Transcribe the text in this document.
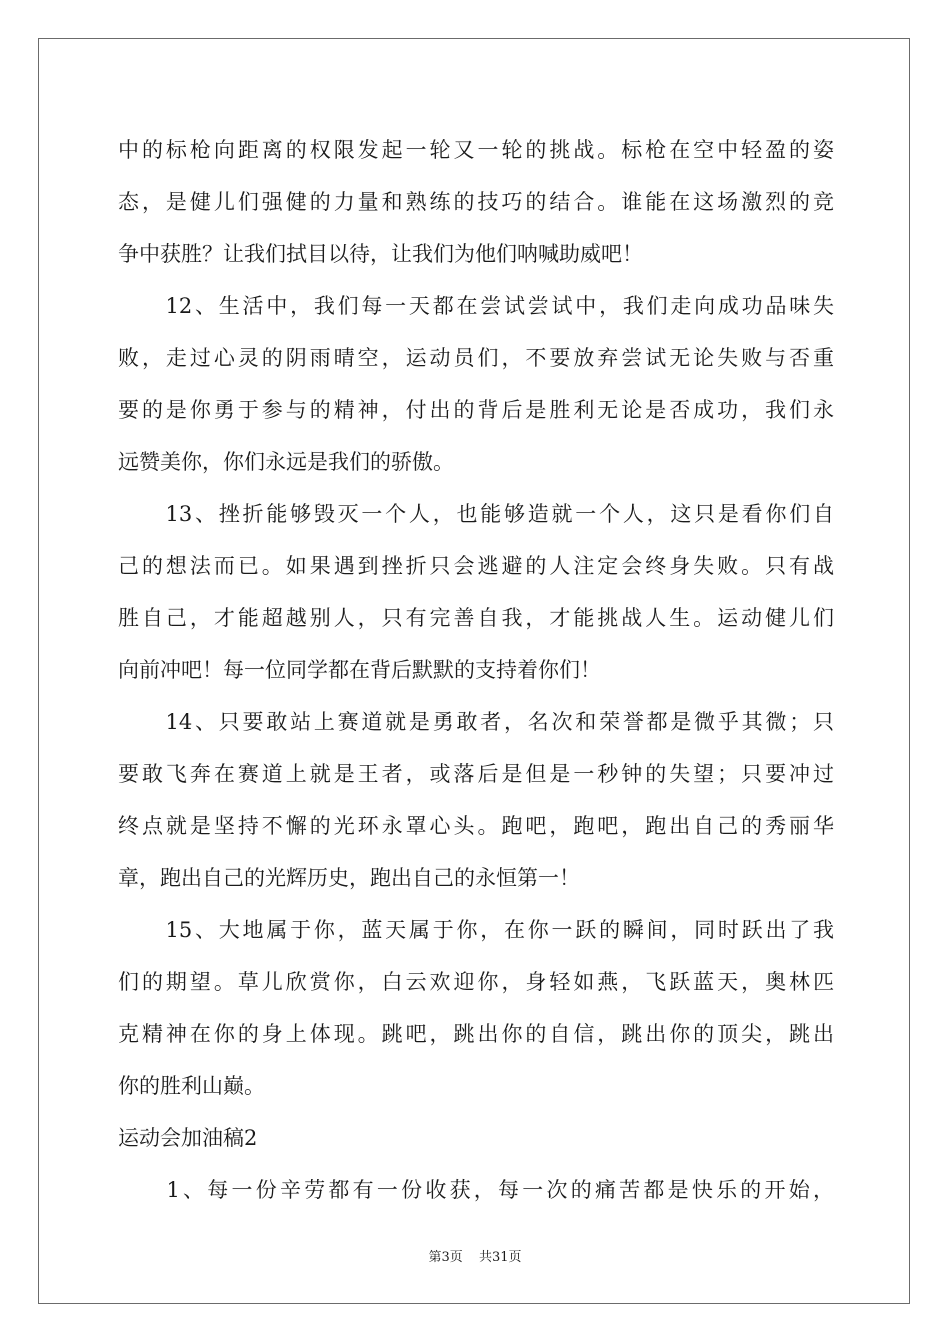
中的标枪向距离的权限发起一轮又一轮的挑战。标枪在空中轻盈的姿
态，是健儿们强健的力量和熟练的技巧的结合。谁能在这场激烈的竞
争中获胜？让我们拭目以待，让我们为他们呐喊助威吧！
　　12、生活中，我们每一天都在尝试尝试中，我们走向成功品味失
败，走过心灵的阴雨晴空，运动员们，不要放弃尝试无论失败与否重
要的是你勇于参与的精神，付出的背后是胜利无论是否成功，我们永
远赞美你，你们永远是我们的骄傲。
　　13、挫折能够毁灭一个人，也能够造就一个人，这只是看你们自
己的想法而已。如果遇到挫折只会逃避的人注定会终身失败。只有战
胜自己，才能超越别人，只有完善自我，才能挑战人生。运动健儿们
向前冲吧！每一位同学都在背后默默的支持着你们！
　　14、只要敢站上赛道就是勇敢者，名次和荣誉都是微乎其微；只
要敢飞奔在赛道上就是王者，或落后是但是一秒钟的失望；只要冲过
终点就是坚持不懈的光环永罩心头。跑吧，跑吧，跑出自己的秀丽华
章，跑出自己的光辉历史，跑出自己的永恒第一！
　　15、大地属于你，蓝天属于你，在你一跃的瞬间，同时跃出了我
们的期望。草儿欣赏你，白云欢迎你，身轻如燕，飞跃蓝天，奥林匹
克精神在你的身上体现。跳吧，跳出你的自信，跳出你的顶尖，跳出
你的胜利山巅。
运动会加油稿2
　　1、每一份辛劳都有一份收获，每一次的痛苦都是快乐的开始，
第3页 共31页
